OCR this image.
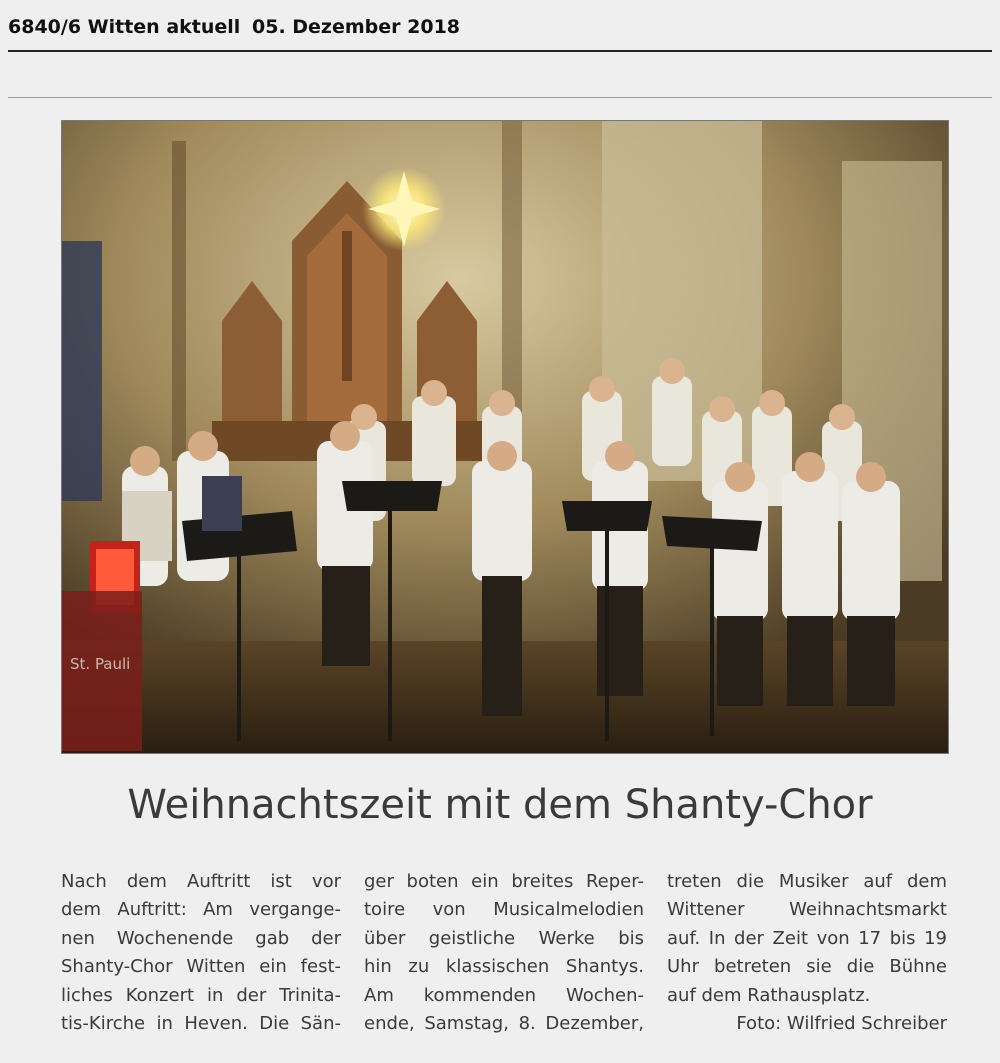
6840/6 Witten aktuell 05. Dezember 2018
St. Pauli
Weihnachtszeit mit dem Shanty-Chor
Nach dem Auftritt ist vor
dem Auftritt: Am vergange-
nen Wochenende gab der
Shanty-Chor Witten ein fest-
liches Konzert in der Trinita-
tis-Kirche in Heven. Die Sän-
ger boten ein breites Reper-
toire von Musicalmelodien
über geistliche Werke bis
hin zu klassischen Shantys.
Am kommenden Wochen-
ende, Samstag, 8. Dezember,
treten die Musiker auf dem
Wittener Weihnachtsmarkt
auf. In der Zeit von 17 bis 19
Uhr betreten sie die Bühne
auf dem Rathausplatz.
Foto: Wilfried Schreiber
